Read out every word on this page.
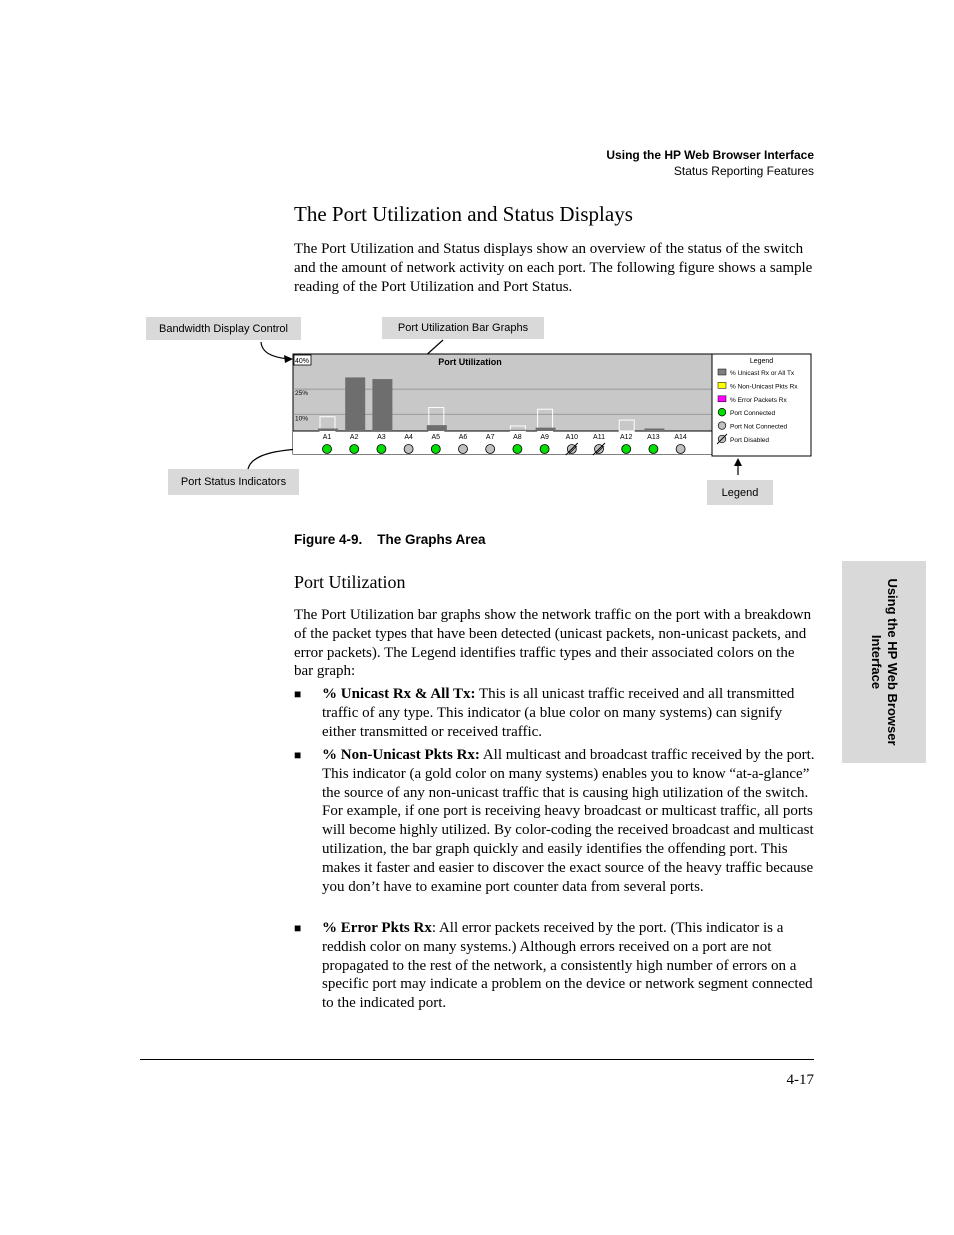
Using the HP Web Browser Interface
Status Reporting Features
The Port Utilization and Status Displays

The Port Utilization and Status displays show an overview of the status of the switch and the amount of network activity on each port. The following figure shows a sample reading of the Port Utilization and Port Status.

Bandwidth Display Control	Port Utilization Bar Graphs
Port Status Indicators
Legend
40%	Port Utilization
25%
10%
A1	A2	A3	A4	A5	A6	A7	A8	A9 A10 A11 A12 A13 A14
Legend
% Unicast Rx or All Tx
% Non-Unicast Pkts Rx
% Error Packets Rx
Port Connected
Port Not Connected
Port Disabled
Figure 4-9.    The Graphs Area
Port Utilization

The Port Utilization bar graphs show the network traffic on the port with a breakdown of the packet types that have been detected (unicast packets, non-unicast packets, and error packets). The Legend identifies traffic types and their associated colors on the bar graph:

■ % Unicast Rx & All Tx: This is all unicast traffic received and all transmitted traffic of any type. This indicator (a blue color on many systems) can signify either transmitted or received traffic.
■ % Non-Unicast Pkts Rx: All multicast and broadcast traffic received by the port. This indicator (a gold color on many systems) enables you to know “at-a-glance” the source of any non-unicast traffic that is causing high utilization of the switch. For example, if one port is receiving heavy broadcast or multicast traffic, all ports will become highly utilized. By color-coding the received broadcast and multicast utilization, the bar graph quickly and easily identifies the offending port. This makes it faster and easier to discover the exact source of the heavy traffic because you don’t have to examine port counter data from several ports.
■ % Error Pkts Rx: All error packets received by the port. (This indicator is a reddish color on many systems.) Although errors received on a port are not propagated to the rest of the network, a consistently high number of errors on a specific port may indicate a problem on the device or network segment connected to the indicated port.
Using the HP Web Browser
Interface
4-17
